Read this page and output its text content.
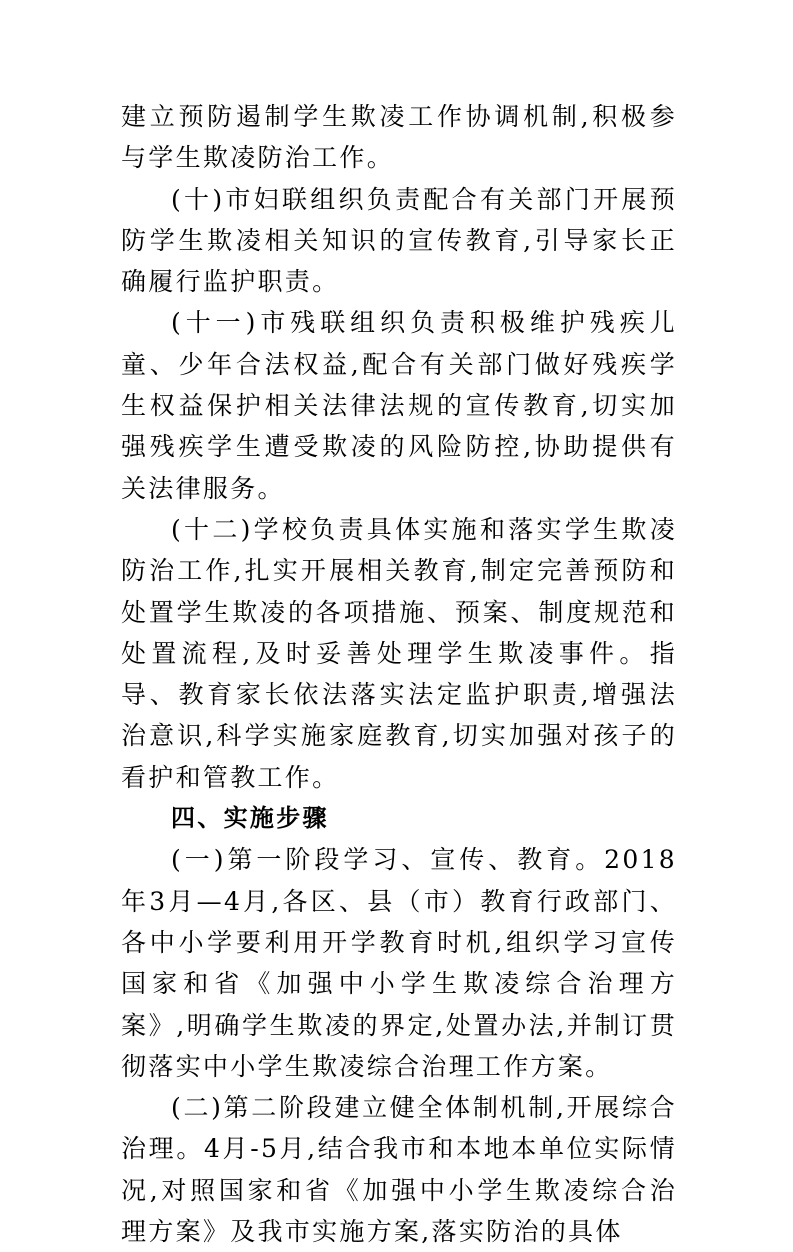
建立预防遏制学生欺凌工作协调机制,积极参与学生欺凌防治工作。

(十)市妇联组织负责配合有关部门开展预防学生欺凌相关知识的宣传教育,引导家长正确履行监护职责。

(十一)市残联组织负责积极维护残疾儿童、少年合法权益,配合有关部门做好残疾学生权益保护相关法律法规的宣传教育,切实加强残疾学生遭受欺凌的风险防控,协助提供有关法律服务。

(十二)学校负责具体实施和落实学生欺凌防治工作,扎实开展相关教育,制定完善预防和处置学生欺凌的各项措施、预案、制度规范和处置流程,及时妥善处理学生欺凌事件。指导、教育家长依法落实法定监护职责,增强法治意识,科学实施家庭教育,切实加强对孩子的看护和管教工作。

四、实施步骤

(一)第一阶段学习、宣传、教育。2018年3月—4月,各区、县（市）教育行政部门、各中小学要利用开学教育时机,组织学习宣传国家和省《加强中小学生欺凌综合治理方案》,明确学生欺凌的界定,处置办法,并制订贯彻落实中小学生欺凌综合治理工作方案。

(二)第二阶段建立健全体制机制,开展综合治理。4月-5月,结合我市和本地本单位实际情况,对照国家和省《加强中小学生欺凌综合治理方案》及我市实施方案,落实防治的具体
